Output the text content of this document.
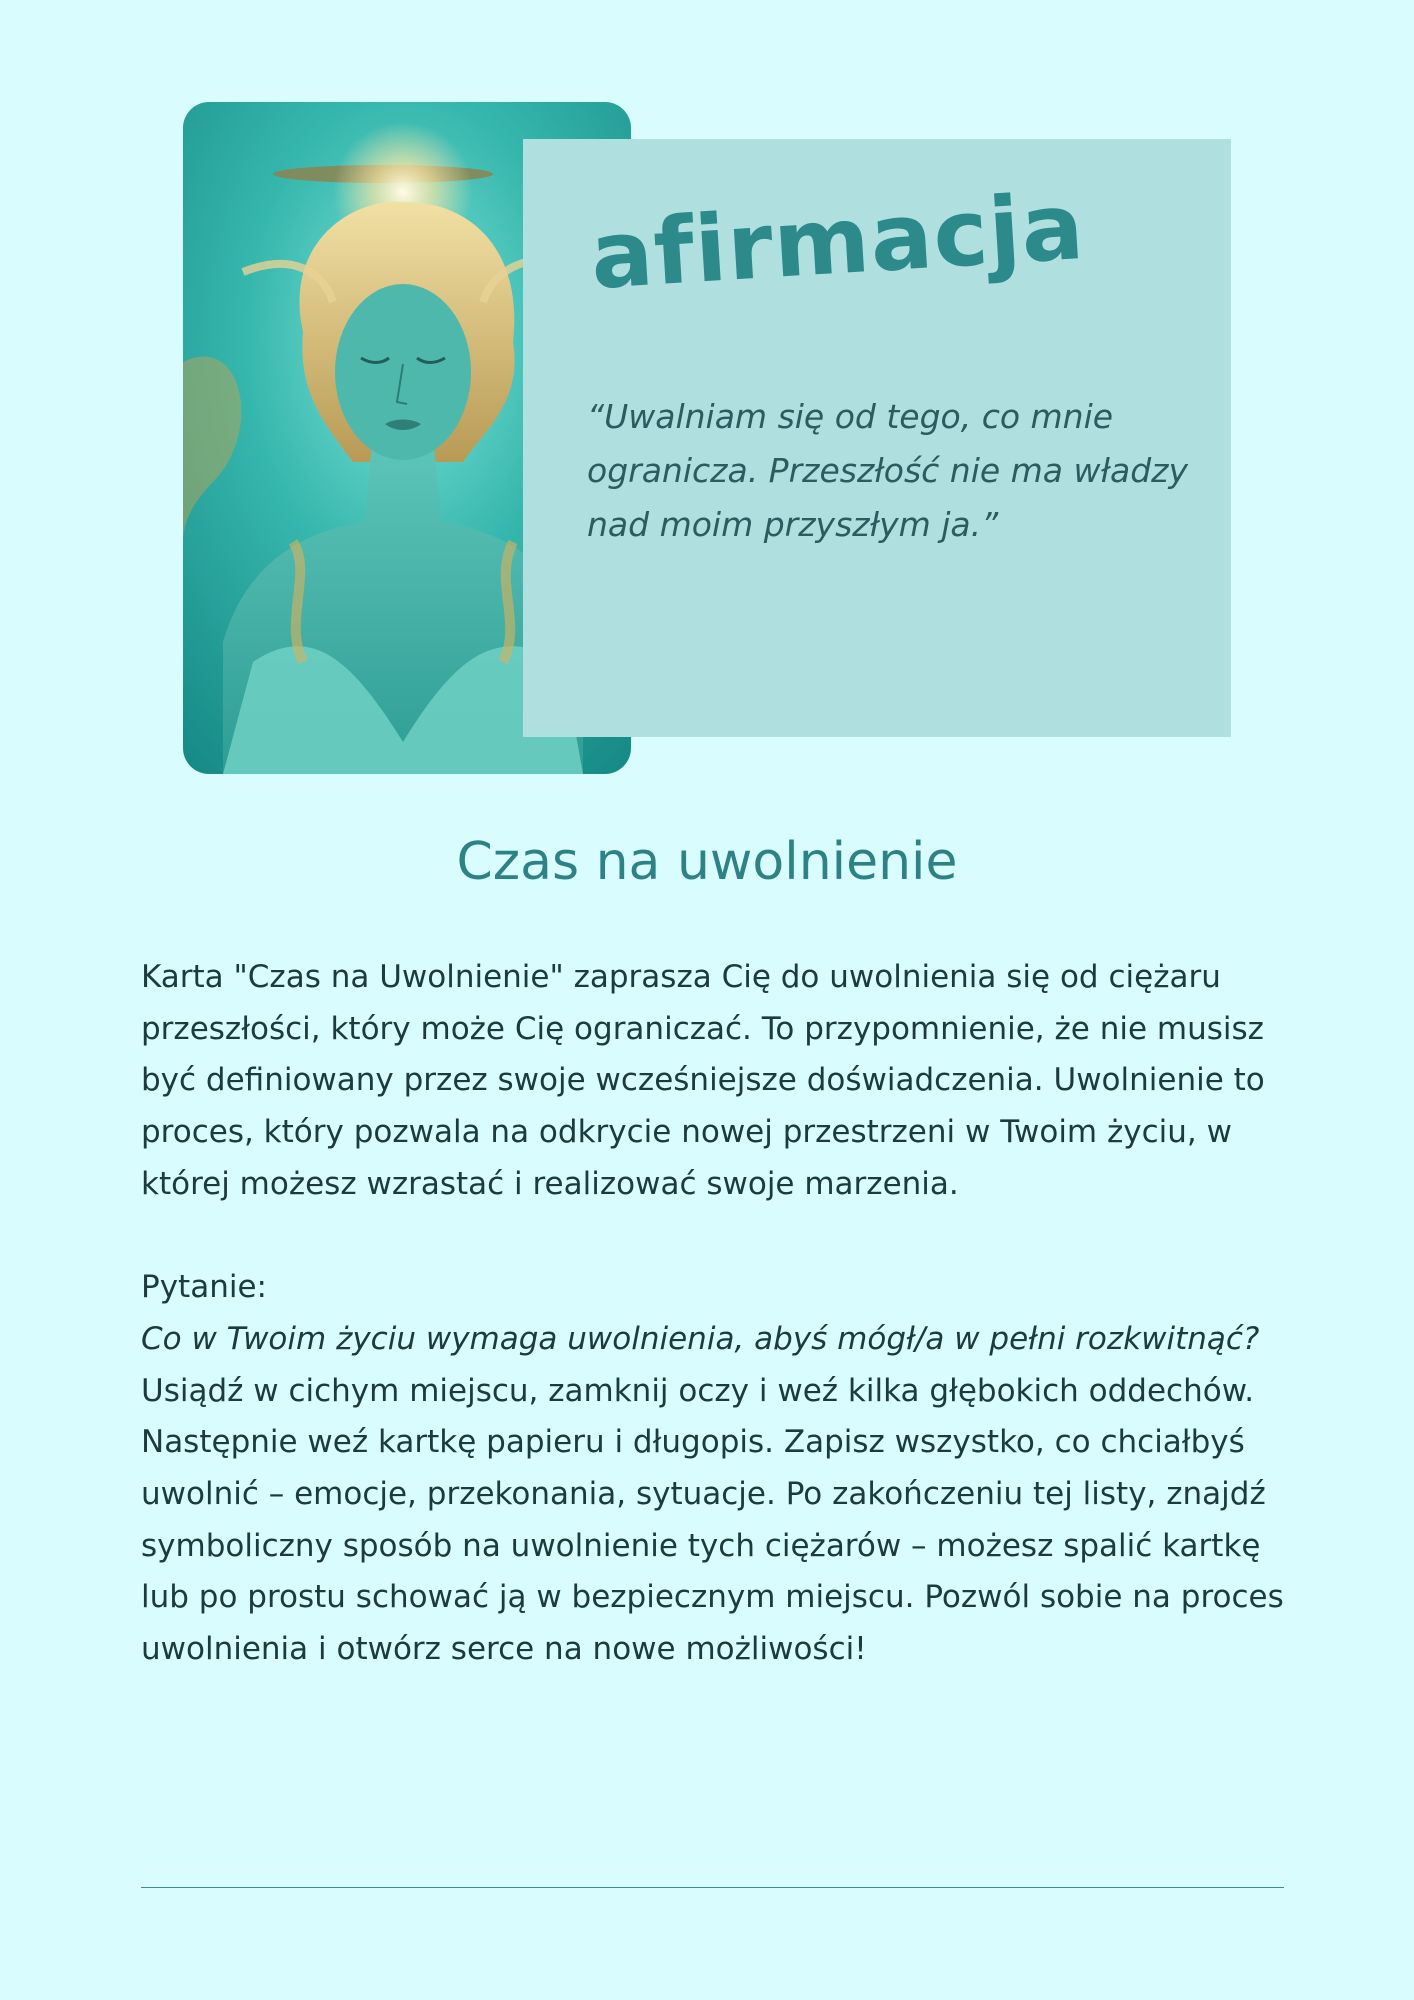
afirmacja

“Uwalniam się od tego, co mnie ogranicza. Przeszłość nie ma władzy nad moim przyszłym ja.”

Czas na uwolnienie

Karta "Czas na Uwolnienie" zaprasza Cię do uwolnienia się od ciężaru przeszłości, który może Cię ograniczać. To przypomnienie, że nie musisz być definiowany przez swoje wcześniejsze doświadczenia. Uwolnienie to proces, który pozwala na odkrycie nowej przestrzeni w Twoim życiu, w której możesz wzrastać i realizować swoje marzenia.

Pytanie:

Co w Twoim życiu wymaga uwolnienia, abyś mógł/a w pełni rozkwitnąć?

Usiądź w cichym miejscu, zamknij oczy i weź kilka głębokich oddechów. Następnie weź kartkę papieru i długopis. Zapisz wszystko, co chciałbyś uwolnić – emocje, przekonania, sytuacje. Po zakończeniu tej listy, znajdź symboliczny sposób na uwolnienie tych ciężarów – możesz spalić kartkę lub po prostu schować ją w bezpiecznym miejscu. Pozwól sobie na proces uwolnienia i otwórz serce na nowe możliwości!
